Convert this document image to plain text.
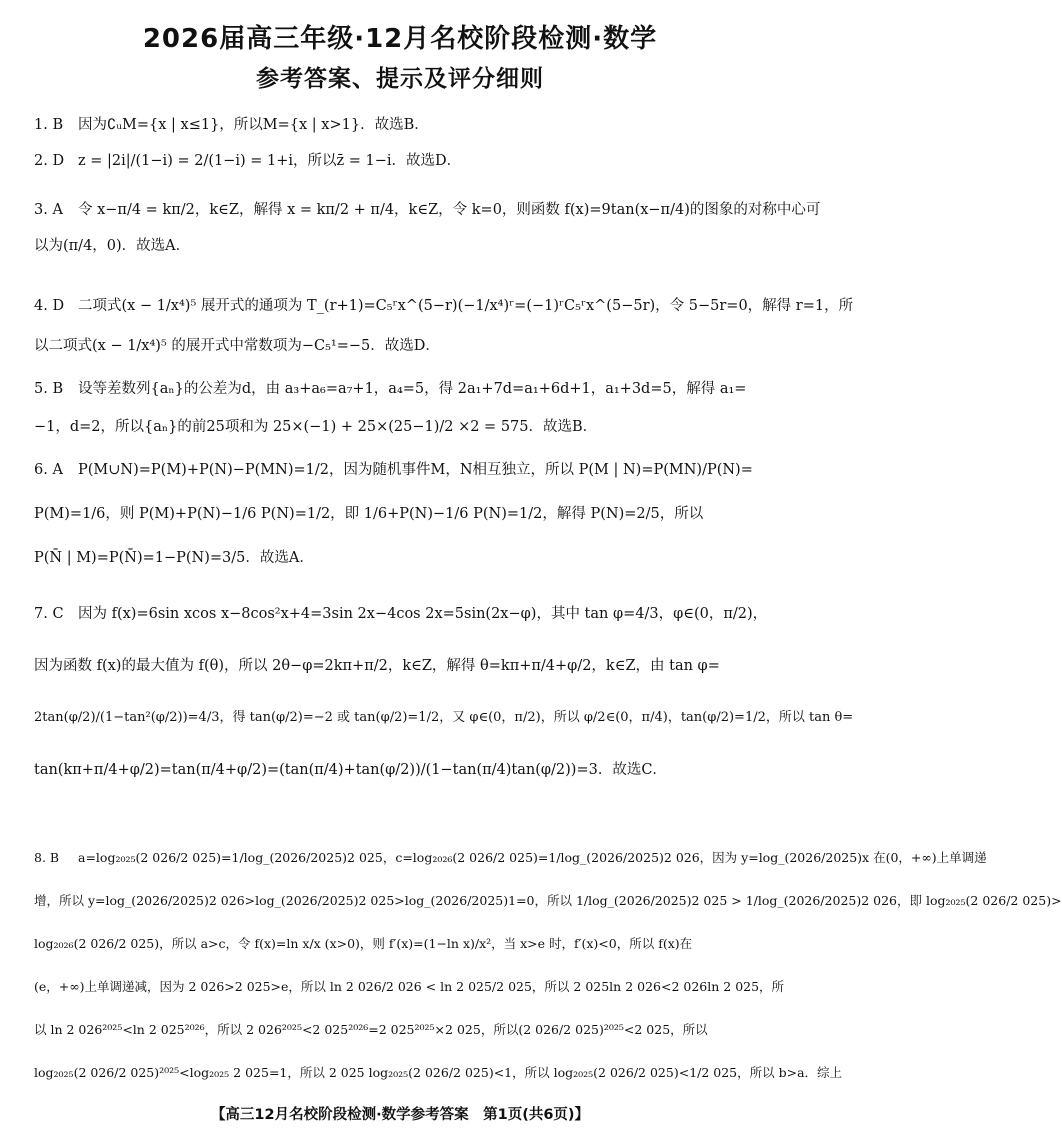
2026届高三年级·12月名校阶段检测·数学
参考答案、提示及评分细则
1. B 因为∁ᵤM={x | x≤1}，所以M={x | x>1}．故选B．
2. D z = |2i|/(1−i) = 2/(1−i) = 1+i，所以z̄ = 1−i．故选D．
3. A 令 x−π/4 = kπ/2，k∈Z，解得 x = kπ/2 + π/4，k∈Z，令 k=0，则函数 f(x)=9tan(x−π/4)的图象的对称中心可
以为(π/4，0)．故选A．
4. D 二项式(x − 1/x⁴)⁵ 展开式的通项为 T_(r+1)=C₅ʳx^(5−r)(−1/x⁴)ʳ=(−1)ʳC₅ʳx^(5−5r)，令 5−5r=0，解得 r=1，所
以二项式(x − 1/x⁴)⁵ 的展开式中常数项为−C₅¹=−5．故选D．
5. B 设等差数列{aₙ}的公差为d，由 a₃+a₆=a₇+1，a₄=5，得 2a₁+7d=a₁+6d+1，a₁+3d=5，解得 a₁=
−1，d=2，所以{aₙ}的前25项和为 25×(−1) + 25×(25−1)/2 ×2 = 575．故选B．
6. A P(M∪N)=P(M)+P(N)−P(MN)=1/2，因为随机事件M，N相互独立，所以 P(M | N)=P(MN)/P(N)=
P(M)=1/6，则 P(M)+P(N)−1/6 P(N)=1/2，即 1/6+P(N)−1/6 P(N)=1/2，解得 P(N)=2/5，所以
P(N̄ | M)=P(N̄)=1−P(N)=3/5．故选A．
7. C 因为 f(x)=6sin xcos x−8cos²x+4=3sin 2x−4cos 2x=5sin(2x−φ)，其中 tan φ=4/3，φ∈(0，π/2)，
因为函数 f(x)的最大值为 f(θ)，所以 2θ−φ=2kπ+π/2，k∈Z，解得 θ=kπ+π/4+φ/2，k∈Z，由 tan φ=
2tan(φ/2)/(1−tan²(φ/2))=4/3，得 tan(φ/2)=−2 或 tan(φ/2)=1/2，又 φ∈(0，π/2)，所以 φ/2∈(0，π/4)，tan(φ/2)=1/2，所以 tan θ=
tan(kπ+π/4+φ/2)=tan(π/4+φ/2)=(tan(π/4)+tan(φ/2))/(1−tan(π/4)tan(φ/2))=3．故选C．
8. B a=log₂₀₂₅(2 026/2 025)=1/log_(2026/2025)2 025，c=log₂₀₂₆(2 026/2 025)=1/log_(2026/2025)2 026，因为 y=log_(2026/2025)x 在(0，+∞)上单调递
增，所以 y=log_(2026/2025)2 026>log_(2026/2025)2 025>log_(2026/2025)1=0，所以 1/log_(2026/2025)2 025 > 1/log_(2026/2025)2 026，即 log₂₀₂₅(2 026/2 025)>
log₂₀₂₆(2 026/2 025)，所以 a>c，令 f(x)=ln x/x (x>0)，则 f′(x)=(1−ln x)/x²，当 x>e 时，f′(x)<0，所以 f(x)在
(e，+∞)上单调递减，因为 2 026>2 025>e，所以 ln 2 026/2 026 < ln 2 025/2 025，所以 2 025ln 2 026<2 026ln 2 025，所
以 ln 2 026²⁰²⁵<ln 2 025²⁰²⁶，所以 2 026²⁰²⁵<2 025²⁰²⁶=2 025²⁰²⁵×2 025，所以(2 026/2 025)²⁰²⁵<2 025，所以
log₂₀₂₅(2 026/2 025)²⁰²⁵<log₂₀₂₅ 2 025=1，所以 2 025 log₂₀₂₅(2 026/2 025)<1，所以 log₂₀₂₅(2 026/2 025)<1/2 025，所以 b>a．综上
【高三12月名校阶段检测·数学参考答案　第1页(共6页)】
